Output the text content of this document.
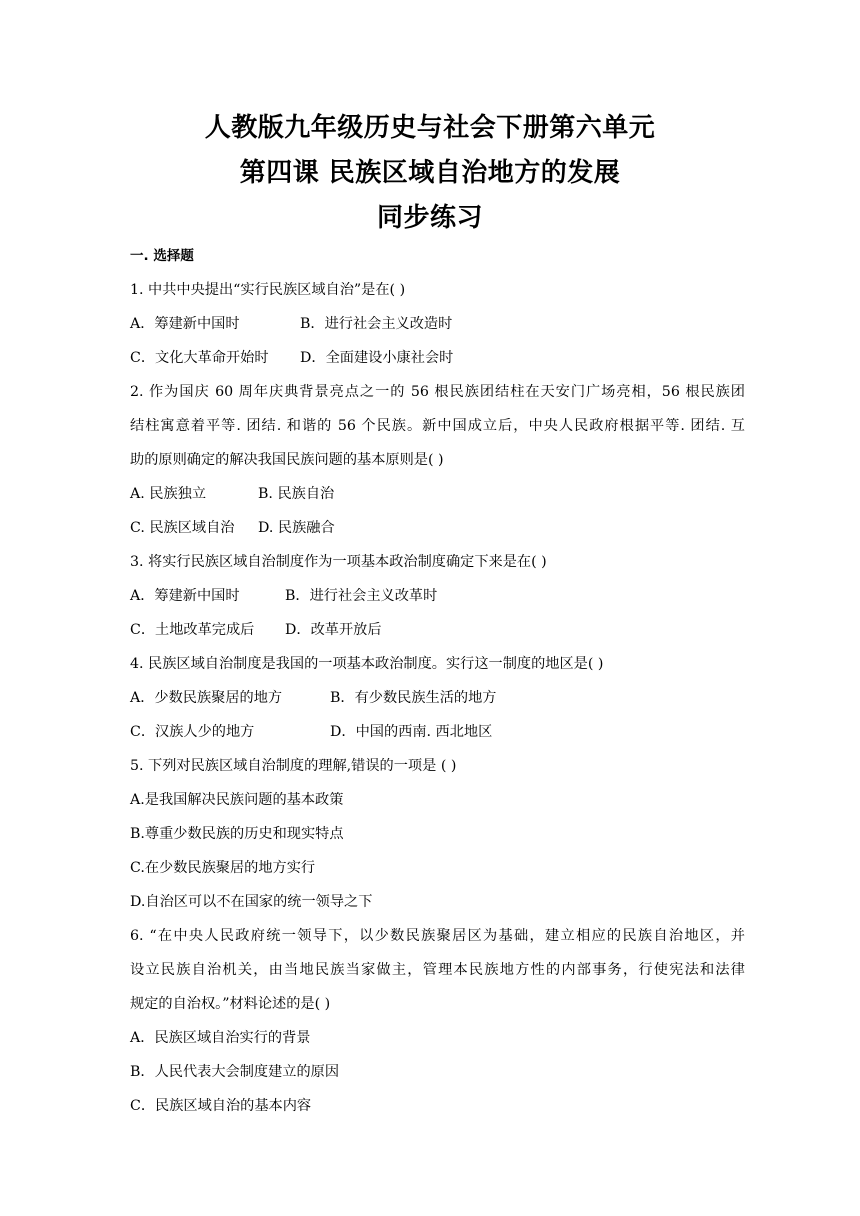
人教版九年级历史与社会下册第六单元
第四课 民族区域自治地方的发展
同步练习
一. 选择题
1. 中共中央提出“实行民族区域自治”是在( )
A．筹建新中国时	B．进行社会主义改造时
C．文化大革命开始时 D．全面建设小康社会时
2. 作为国庆 60 周年庆典背景亮点之一的 56 根民族团结柱在天安门广场亮相，56 根民族团
结柱寓意着平等. 团结. 和谐的 56 个民族。新中国成立后，中央人民政府根据平等. 团结. 互
助的原则确定的解决我国民族问题的基本原则是( )
A. 民族独立	B. 民族自治
C. 民族区域自治 D. 民族融合
3. 将实行民族区域自治制度作为一项基本政治制度确定下来是在( )
A．筹建新中国时	B．进行社会主义改革时
C．土地改革完成后 D．改革开放后
4. 民族区域自治制度是我国的一项基本政治制度。实行这一制度的地区是( )
A．少数民族聚居的地方	B．有少数民族生活的地方
C．汉族人少的地方	D．中国的西南. 西北地区
5. 下列对民族区域自治制度的理解,错误的一项是 ( )
A.是我国解决民族问题的基本政策
B.尊重少数民族的历史和现实特点
C.在少数民族聚居的地方实行
D.自治区可以不在国家的统一领导之下
6. “在中央人民政府统一领导下，以少数民族聚居区为基础，建立相应的民族自治地区，并
设立民族自治机关，由当地民族当家做主，管理本民族地方性的内部事务，行使宪法和法律
规定的自治权。”材料论述的是( )
A．民族区域自治实行的背景
B．人民代表大会制度建立的原因
C．民族区域自治的基本内容
